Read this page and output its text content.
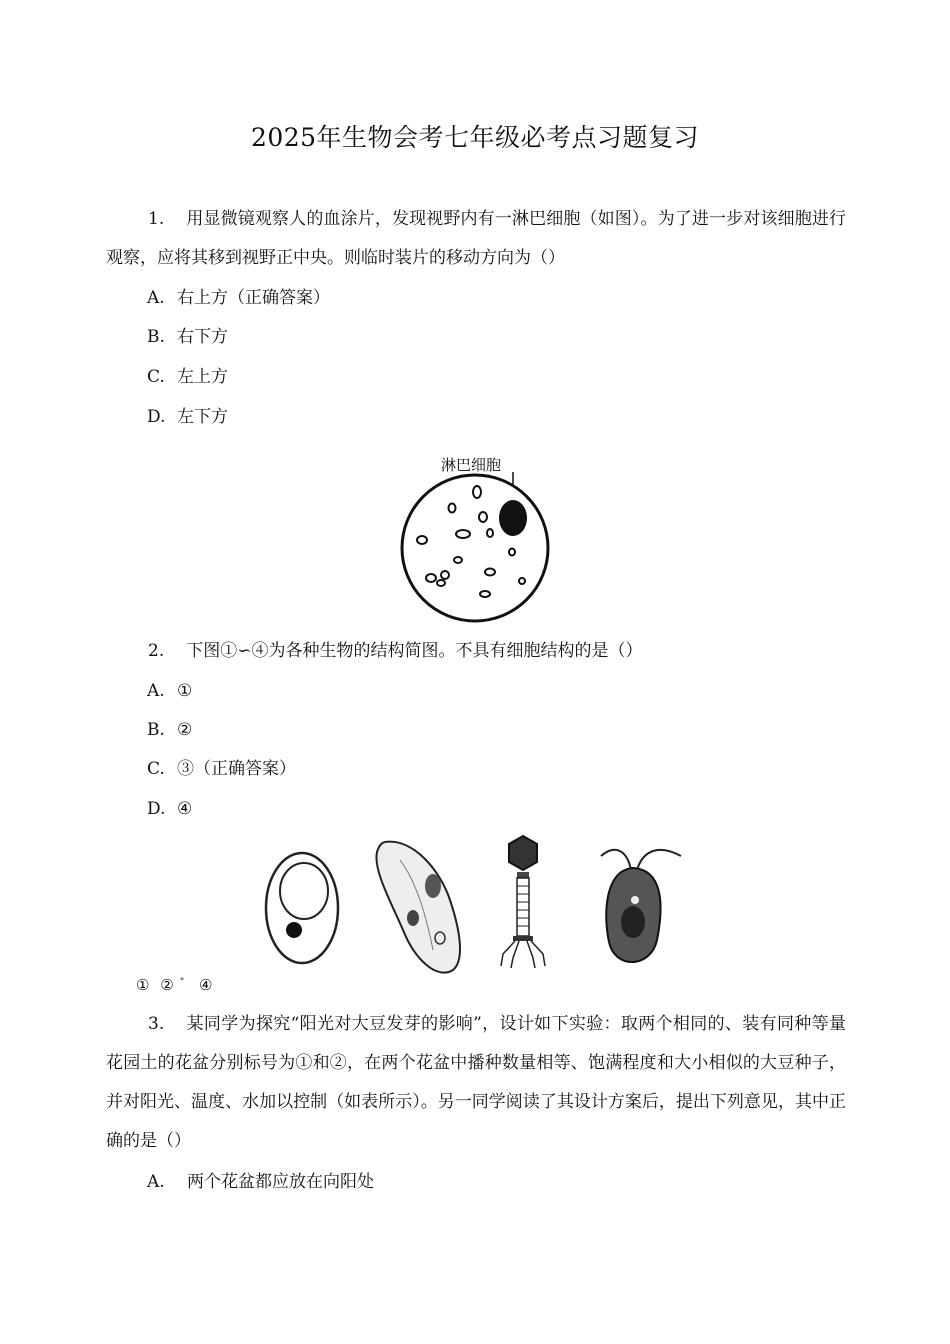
2025年生物会考七年级必考点习题复习
1. 用显微镜观察人的血涂片，发现视野内有一淋巴细胞（如图）。为了进一步对该细胞进行观察，应将其移到视野正中央。则临时装片的移动方向为（）
A. 右上方（正确答案）
B. 右下方
C. 左上方
D. 左下方
淋巴细胞
2. 下图①∽④为各种生物的结构简图。不具有细胞结构的是（）
A. ①
B. ②
C. ③（正确答案）
D. ④
① ② ° ④
3. 某同学为探究“阳光对大豆发芽的影响”，设计如下实验：取两个相同的、装有同种等量花园土的花盆分别标号为①和②，在两个花盆中播种数量相等、饱满程度和大小相似的大豆种子，并对阳光、温度、水加以控制（如表所示）。另一同学阅读了其设计方案后，提出下列意见，其中正确的是（）
A. 两个花盆都应放在向阳处
